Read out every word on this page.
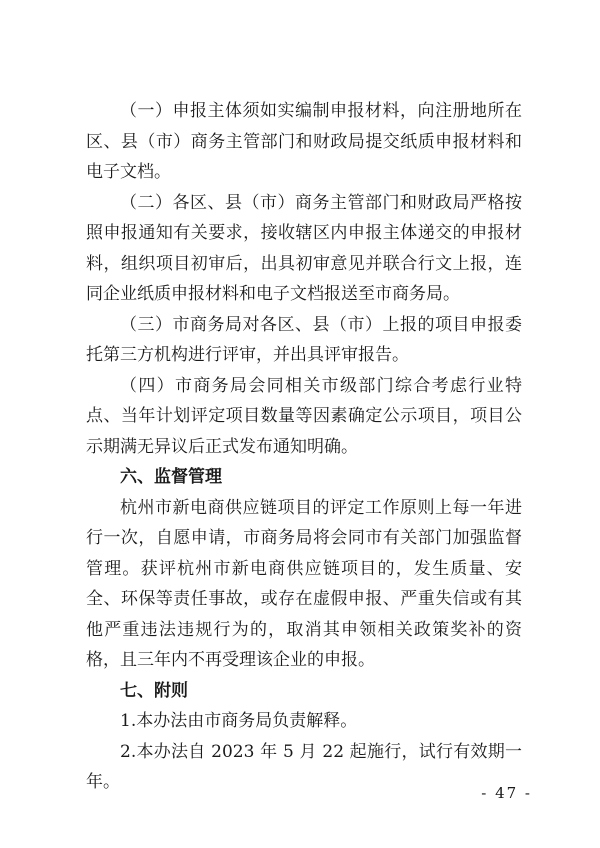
（一）申报主体须如实编制申报材料，向注册地所在区、县（市）商务主管部门和财政局提交纸质申报材料和电子文档。

（二）各区、县（市）商务主管部门和财政局严格按照申报通知有关要求，接收辖区内申报主体递交的申报材料，组织项目初审后，出具初审意见并联合行文上报，连同企业纸质申报材料和电子文档报送至市商务局。

（三）市商务局对各区、县（市）上报的项目申报委托第三方机构进行评审，并出具评审报告。

（四）市商务局会同相关市级部门综合考虑行业特点、当年计划评定项目数量等因素确定公示项目，项目公示期满无异议后正式发布通知明确。

六、监督管理

杭州市新电商供应链项目的评定工作原则上每一年进行一次，自愿申请，市商务局将会同市有关部门加强监督管理。获评杭州市新电商供应链项目的，发生质量、安全、环保等责任事故，或存在虚假申报、严重失信或有其他严重违法违规行为的，取消其申领相关政策奖补的资格，且三年内不再受理该企业的申报。

七、附则

1.本办法由市商务局负责解释。

2.本办法自 2023 年 5 月 22 起施行，试行有效期一年。

- 47 -
